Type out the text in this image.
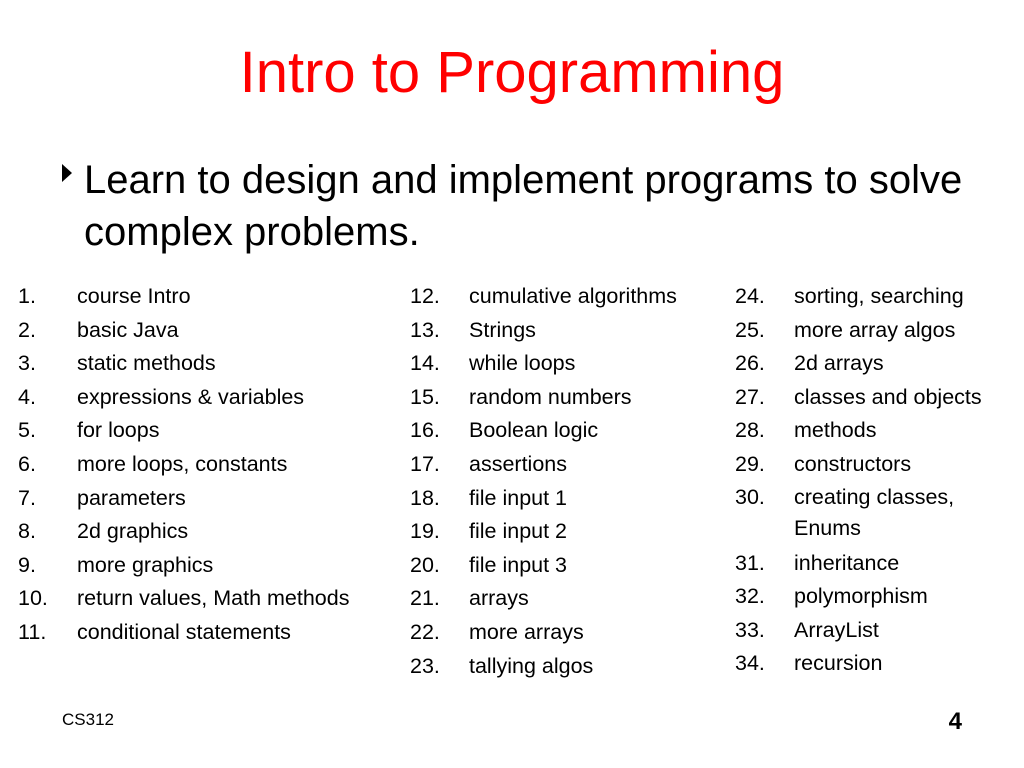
Intro to Programming
Learn to design and implement programs to solve complex problems.
1. course Intro
2. basic Java
3. static methods
4. expressions & variables
5. for loops
6. more loops, constants
7. parameters
8. 2d graphics
9. more graphics
10. return values, Math methods
11. conditional statements
12. cumulative algorithms
13. Strings
14. while loops
15. random numbers
16. Boolean logic
17. assertions
18. file input 1
19. file input 2
20. file input 3
21. arrays
22. more arrays
23. tallying algos
24. sorting, searching
25. more array algos
26. 2d arrays
27. classes and objects
28. methods
29. constructors
30. creating classes, Enums
31. inheritance
32. polymorphism
33. ArrayList
34. recursion
CS312	4
